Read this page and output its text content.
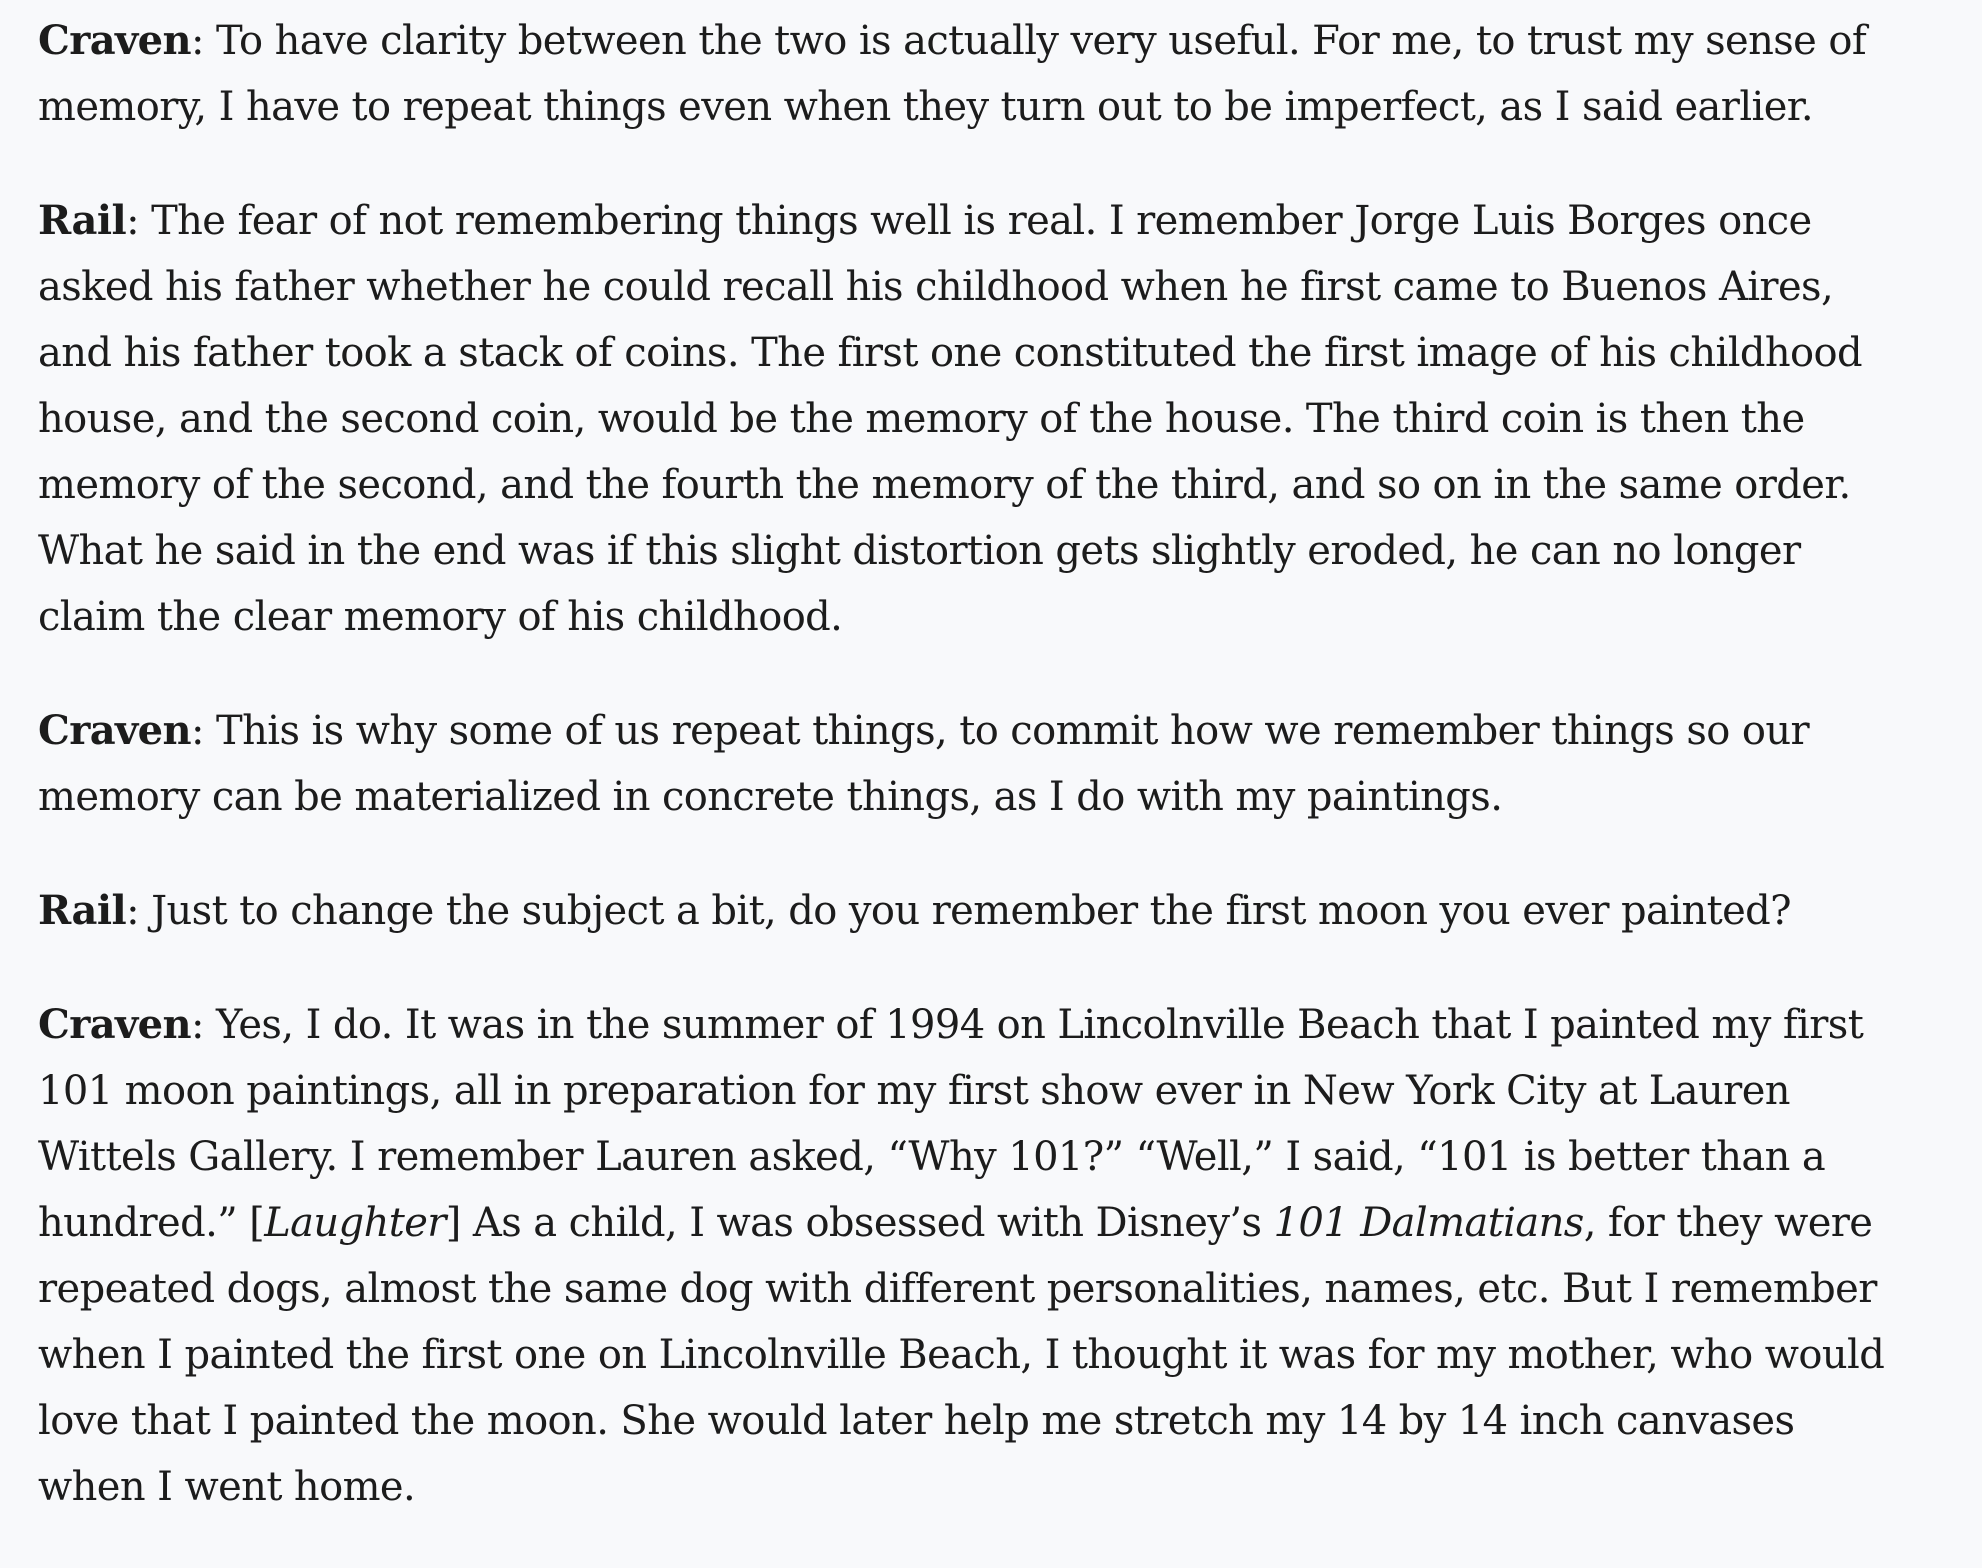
Craven: To have clarity between the two is actually very useful. For me, to trust my sense of
memory, I have to repeat things even when they turn out to be imperfect, as I said earlier.

Rail: The fear of not remembering things well is real. I remember Jorge Luis Borges once
asked his father whether he could recall his childhood when he first came to Buenos Aires,
and his father took a stack of coins. The first one constituted the first image of his childhood
house, and the second coin, would be the memory of the house. The third coin is then the
memory of the second, and the fourth the memory of the third, and so on in the same order.
What he said in the end was if this slight distortion gets slightly eroded, he can no longer
claim the clear memory of his childhood.

Craven: This is why some of us repeat things, to commit how we remember things so our
memory can be materialized in concrete things, as I do with my paintings.

Rail: Just to change the subject a bit, do you remember the first moon you ever painted?

Craven: Yes, I do. It was in the summer of 1994 on Lincolnville Beach that I painted my first
101 moon paintings, all in preparation for my first show ever in New York City at Lauren
Wittels Gallery. I remember Lauren asked, “Why 101?” “Well,” I said, “101 is better than a
hundred.” [Laughter] As a child, I was obsessed with Disney’s 101 Dalmatians, for they were
repeated dogs, almost the same dog with different personalities, names, etc. But I remember
when I painted the first one on Lincolnville Beach, I thought it was for my mother, who would
love that I painted the moon. She would later help me stretch my 14 by 14 inch canvases
when I went home.
